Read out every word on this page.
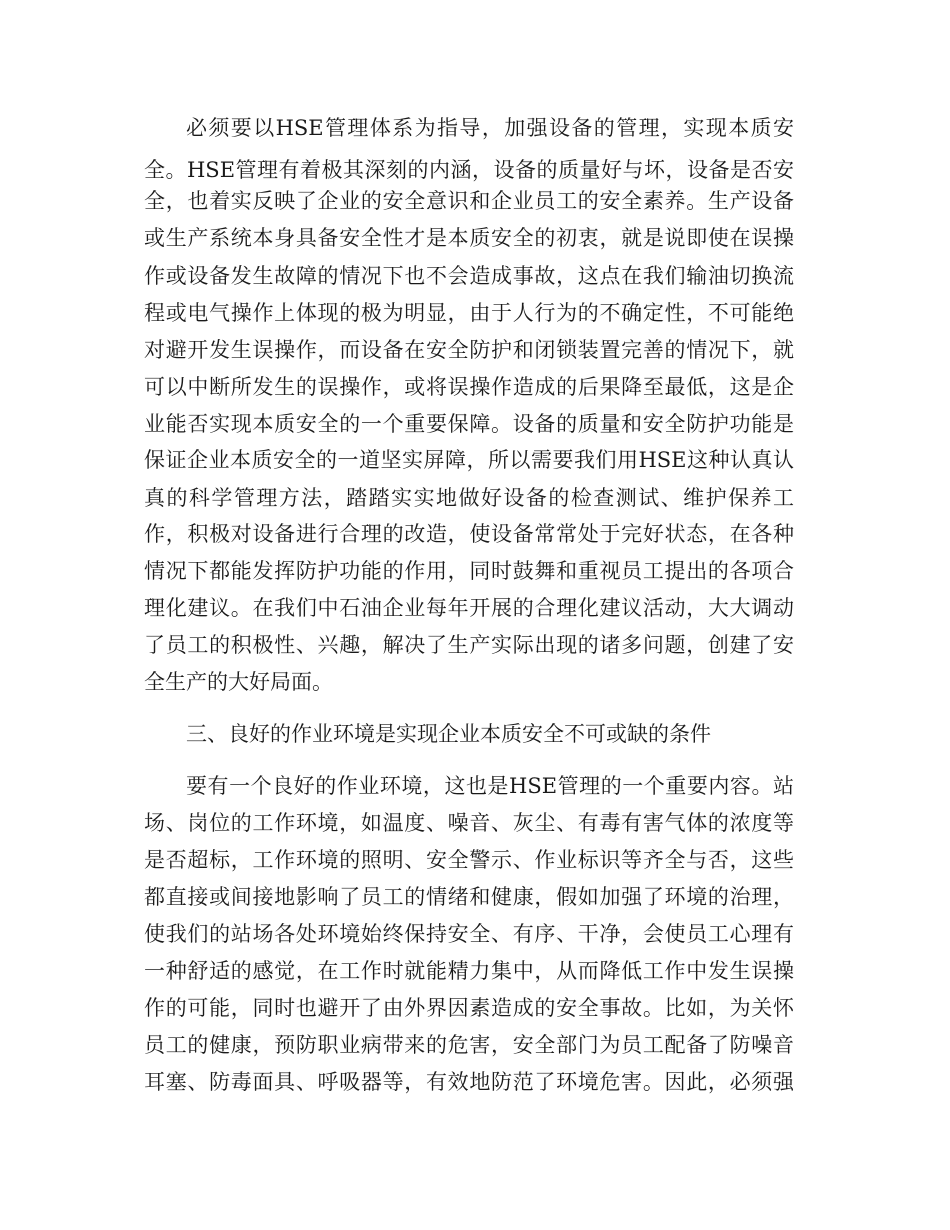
必须要以HSE管理体系为指导，加强设备的管理，实现本质安
全。HSE管理有着极其深刻的内涵，设备的质量好与坏，设备是否安
全，也着实反映了企业的安全意识和企业员工的安全素养。生产设备
或生产系统本身具备安全性才是本质安全的初衷，就是说即使在误操
作或设备发生故障的情况下也不会造成事故，这点在我们输油切换流
程或电气操作上体现的极为明显，由于人行为的不确定性，不可能绝
对避开发生误操作，而设备在安全防护和闭锁装置完善的情况下，就
可以中断所发生的误操作，或将误操作造成的后果降至最低，这是企
业能否实现本质安全的一个重要保障。设备的质量和安全防护功能是
保证企业本质安全的一道坚实屏障，所以需要我们用HSE这种认真认
真的科学管理方法，踏踏实实地做好设备的检查测试、维护保养工
作，积极对设备进行合理的改造，使设备常常处于完好状态，在各种
情况下都能发挥防护功能的作用，同时鼓舞和重视员工提出的各项合
理化建议。在我们中石油企业每年开展的合理化建议活动，大大调动
了员工的积极性、兴趣，解决了生产实际出现的诸多问题，创建了安
全生产的大好局面。
三、良好的作业环境是实现企业本质安全不可或缺的条件
要有一个良好的作业环境，这也是HSE管理的一个重要内容。站
场、岗位的工作环境，如温度、噪音、灰尘、有毒有害气体的浓度等
是否超标，工作环境的照明、安全警示、作业标识等齐全与否，这些
都直接或间接地影响了员工的情绪和健康，假如加强了环境的治理，
使我们的站场各处环境始终保持安全、有序、干净，会使员工心理有
一种舒适的感觉，在工作时就能精力集中，从而降低工作中发生误操
作的可能，同时也避开了由外界因素造成的安全事故。比如，为关怀
员工的健康，预防职业病带来的危害，安全部门为员工配备了防噪音
耳塞、防毒面具、呼吸器等，有效地防范了环境危害。因此，必须强
